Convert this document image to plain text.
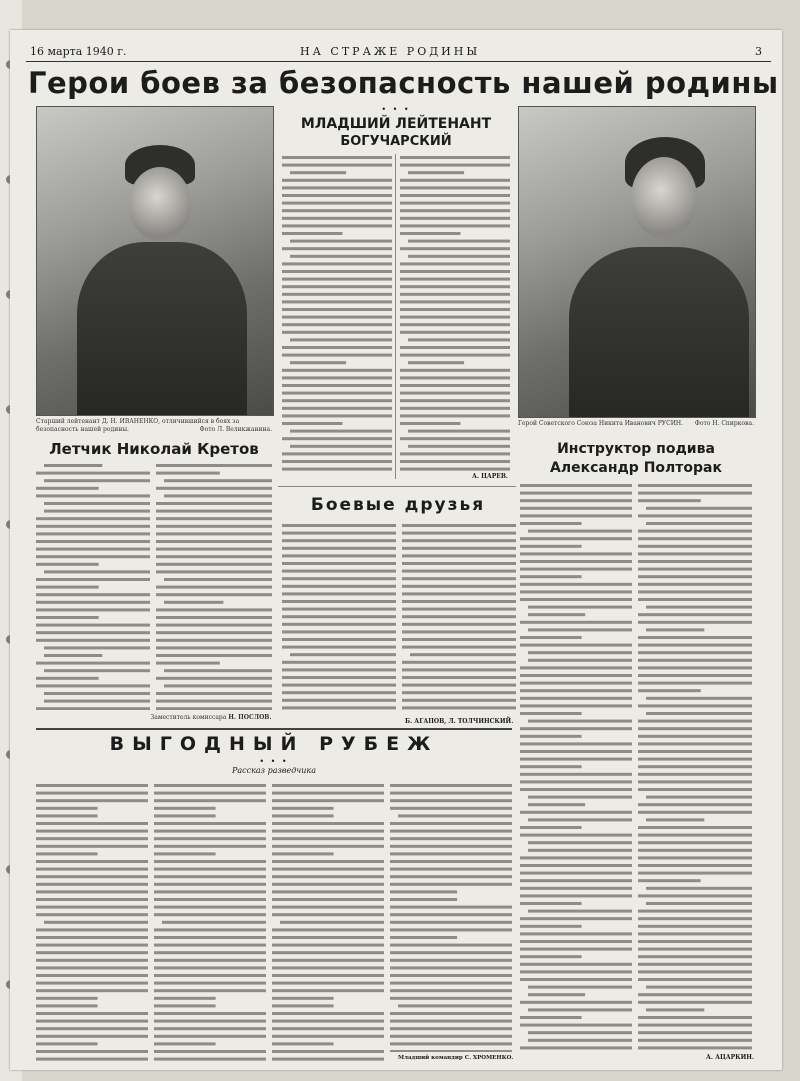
16 марта 1940 г.	НА СТРАЖЕ РОДИНЫ	3
Герои боев за безопасность нашей родины
Старший лейтенант Д. Н. ИВАНЕНКО, отличившийся в боях за безопасность нашей родины.	Фото Л. Великжанина.
• • •
МЛАДШИЙ ЛЕЙТЕНАНТ
БОГУЧАРСКИЙ
А. ЦАРЕВ.
Герой Советского Союза Никита Иванович РУСИН. Фото Н. Спиркова.
Летчик Николай Кретов
Заместитель комиссара Н. ПОСЛОВ.
Боевые друзья
Б. АГАПОВ, Л. ТОЛЧИНСКИЙ.
Инструктор подива
Александр Полторак
А. АЦАРКИН.
ВЫГОДНЫЙ РУБЕЖ
• • •
Рассказ разведчика
Младший командир С. ХРОМЕНКО.
